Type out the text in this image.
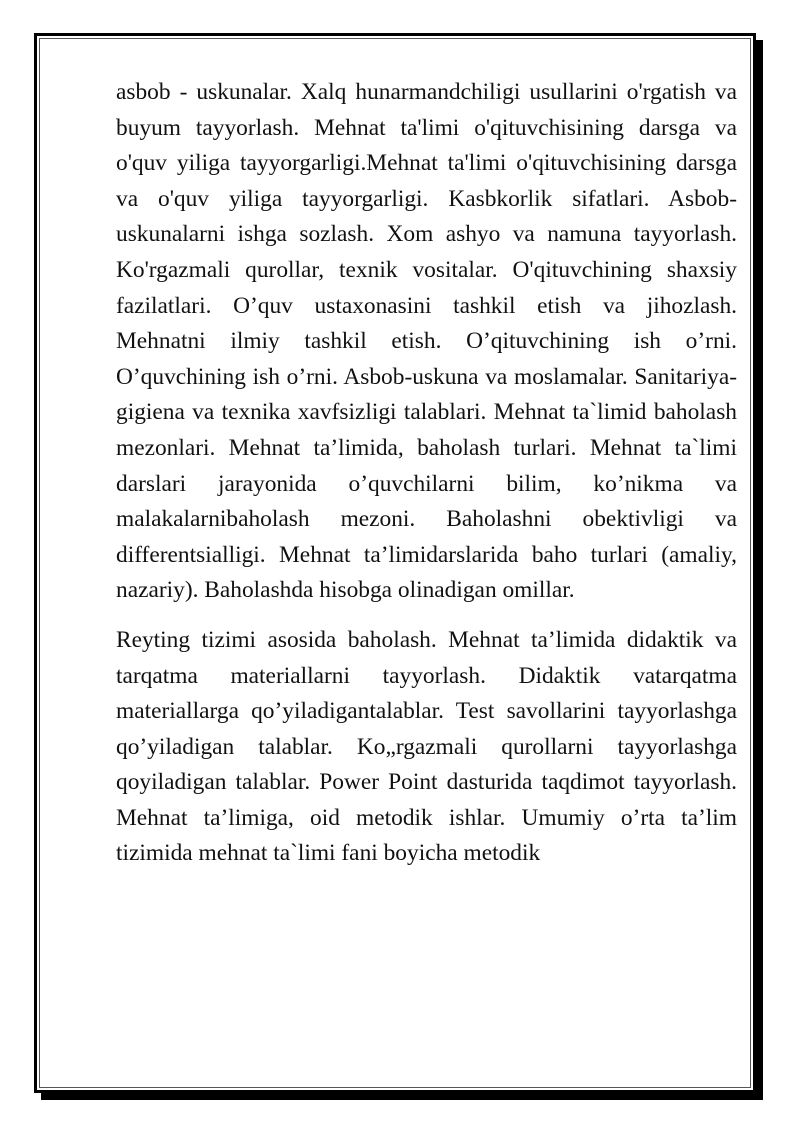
asbob - uskunalar. Xalq hunarmandchiligi usullarini o'rgatish va buyum tayyorlash. Mehnat ta'limi o'qituvchisining darsga va o'quv yiliga tayyorgarligi.Mehnat ta'limi o'qituvchisining darsga va o'quv yiliga tayyorgarligi. Kasbkorlik sifatlari. Asbob-uskunalarni ishga sozlash. Xom ashyo va namuna tayyorlash. Ko'rgazmali qurollar, texnik vositalar. O'qituvchining shaxsiy fazilatlari. O’quv ustaxonasini tashkil etish va jihozlash. Mehnatni ilmiy tashkil etish. O’qituvchining ish o’rni. O’quvchining ish o’rni. Asbob-uskuna va moslamalar. Sanitariya-gigiena va texnika xavfsizligi talablari. Mehnat ta`limid baholash mezonlari. Mehnat ta’limida, baholash turlari. Mehnat ta`limi darslari jarayonida o’quvchilarni bilim, ko’nikma va malakalarnibaholash mezoni. Baholashni obektivligi va differentsialligi. Mehnat ta’limidarslarida baho turlari (amaliy, nazariy). Baholashda hisobga olinadigan omillar.

Reyting tizimi asosida baholash. Mehnat ta’limida didaktik va tarqatma materiallarni tayyorlash. Didaktik vatarqatma materiallarga qo’yiladigantalablar. Test savollarini tayyorlashga qo’yiladigan talablar. Ko„rgazmali qurollarni tayyorlashga qoyiladigan talablar. Power Point dasturida taqdimot tayyorlash. Mehnat ta’limiga, oid metodik ishlar. Umumiy o’rta ta’lim tizimida mehnat ta`limi fani boyicha metodik
